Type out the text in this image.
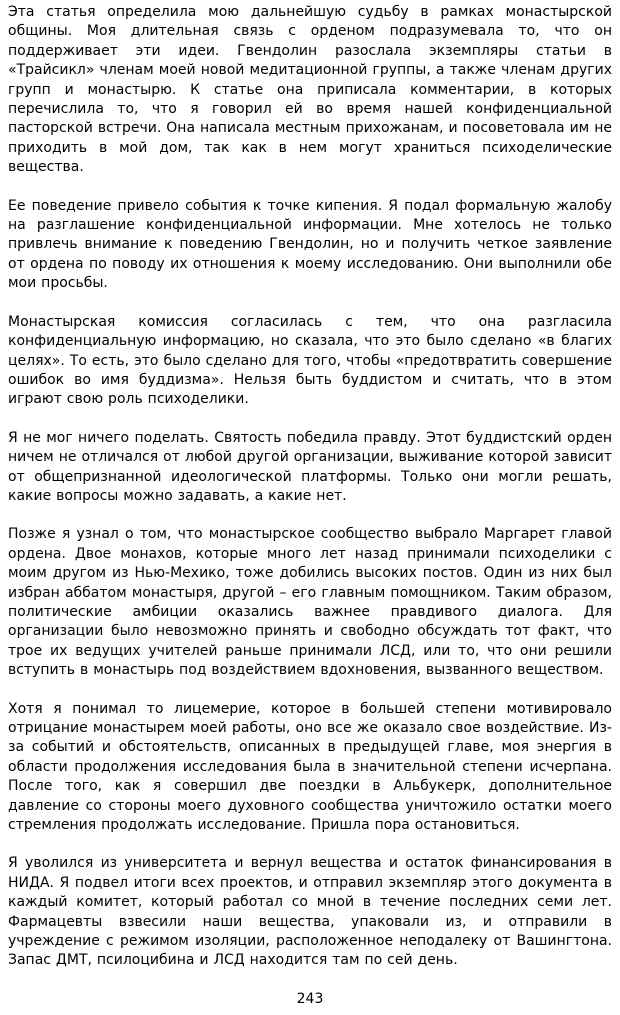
Эта статья определила мою дальнейшую судьбу в рамках монастырской общины. Моя длительная связь с орденом подразумевала то, что он поддерживает эти идеи. Гвендолин разослала экземпляры статьи в «Трайсикл» членам моей новой медитационной группы, а также членам других групп и монастырю. К статье она приписала комментарии, в которых перечислила то, что я говорил ей во время нашей конфиденциальной пасторской встречи. Она написала местным прихожанам, и посоветовала им не приходить в мой дом, так как в нем могут храниться психоделические вещества.

Ее поведение привело события к точке кипения. Я подал формальную жалобу на разглашение конфиденциальной информации. Мне хотелось не только привлечь внимание к поведению Гвендолин, но и получить четкое заявление от ордена по поводу их отношения к моему исследованию. Они выполнили обе мои просьбы.

Монастырская комиссия согласилась с тем, что она разгласила конфиденциальную информацию, но сказала, что это было сделано «в благих целях». То есть, это было сделано для того, чтобы «предотвратить совершение ошибок во имя буддизма». Нельзя быть буддистом и считать, что в этом играют свою роль психоделики.

Я не мог ничего поделать. Святость победила правду. Этот буддистский орден ничем не отличался от любой другой организации, выживание которой зависит от общепризнанной идеологической платформы. Только они могли решать, какие вопросы можно задавать, а какие нет.

Позже я узнал о том, что монастырское сообщество выбрало Маргарет главой ордена. Двое монахов, которые много лет назад принимали психоделики с моим другом из Нью-Мехико, тоже добились высоких постов. Один из них был избран аббатом монастыря, другой – его главным помощником. Таким образом, политические амбиции оказались важнее правдивого диалога. Для организации было невозможно принять и свободно обсуждать тот факт, что трое их ведущих учителей раньше принимали ЛСД, или то, что они решили вступить в монастырь под воздействием вдохновения, вызванного веществом.

Хотя я понимал то лицемерие, которое в большей степени мотивировало отрицание монастырем моей работы, оно все же оказало свое воздействие. Из-за событий и обстоятельств, описанных в предыдущей главе, моя энергия в области продолжения исследования была в значительной степени исчерпана. После того, как я совершил две поездки в Альбукерк, дополнительное давление со стороны моего духовного сообщества уничтожило остатки моего стремления продолжать исследование. Пришла пора остановиться.

Я уволился из университета и вернул вещества и остаток финансирования в НИДА. Я подвел итоги всех проектов, и отправил экземпляр этого документа в каждый комитет, который работал со мной в течение последних семи лет. Фармацевты взвесили наши вещества, упаковали из, и отправили в учреждение с режимом изоляции, расположенное неподалеку от Вашингтона. Запас ДМТ, псилоцибина и ЛСД находится там по сей день.

243
